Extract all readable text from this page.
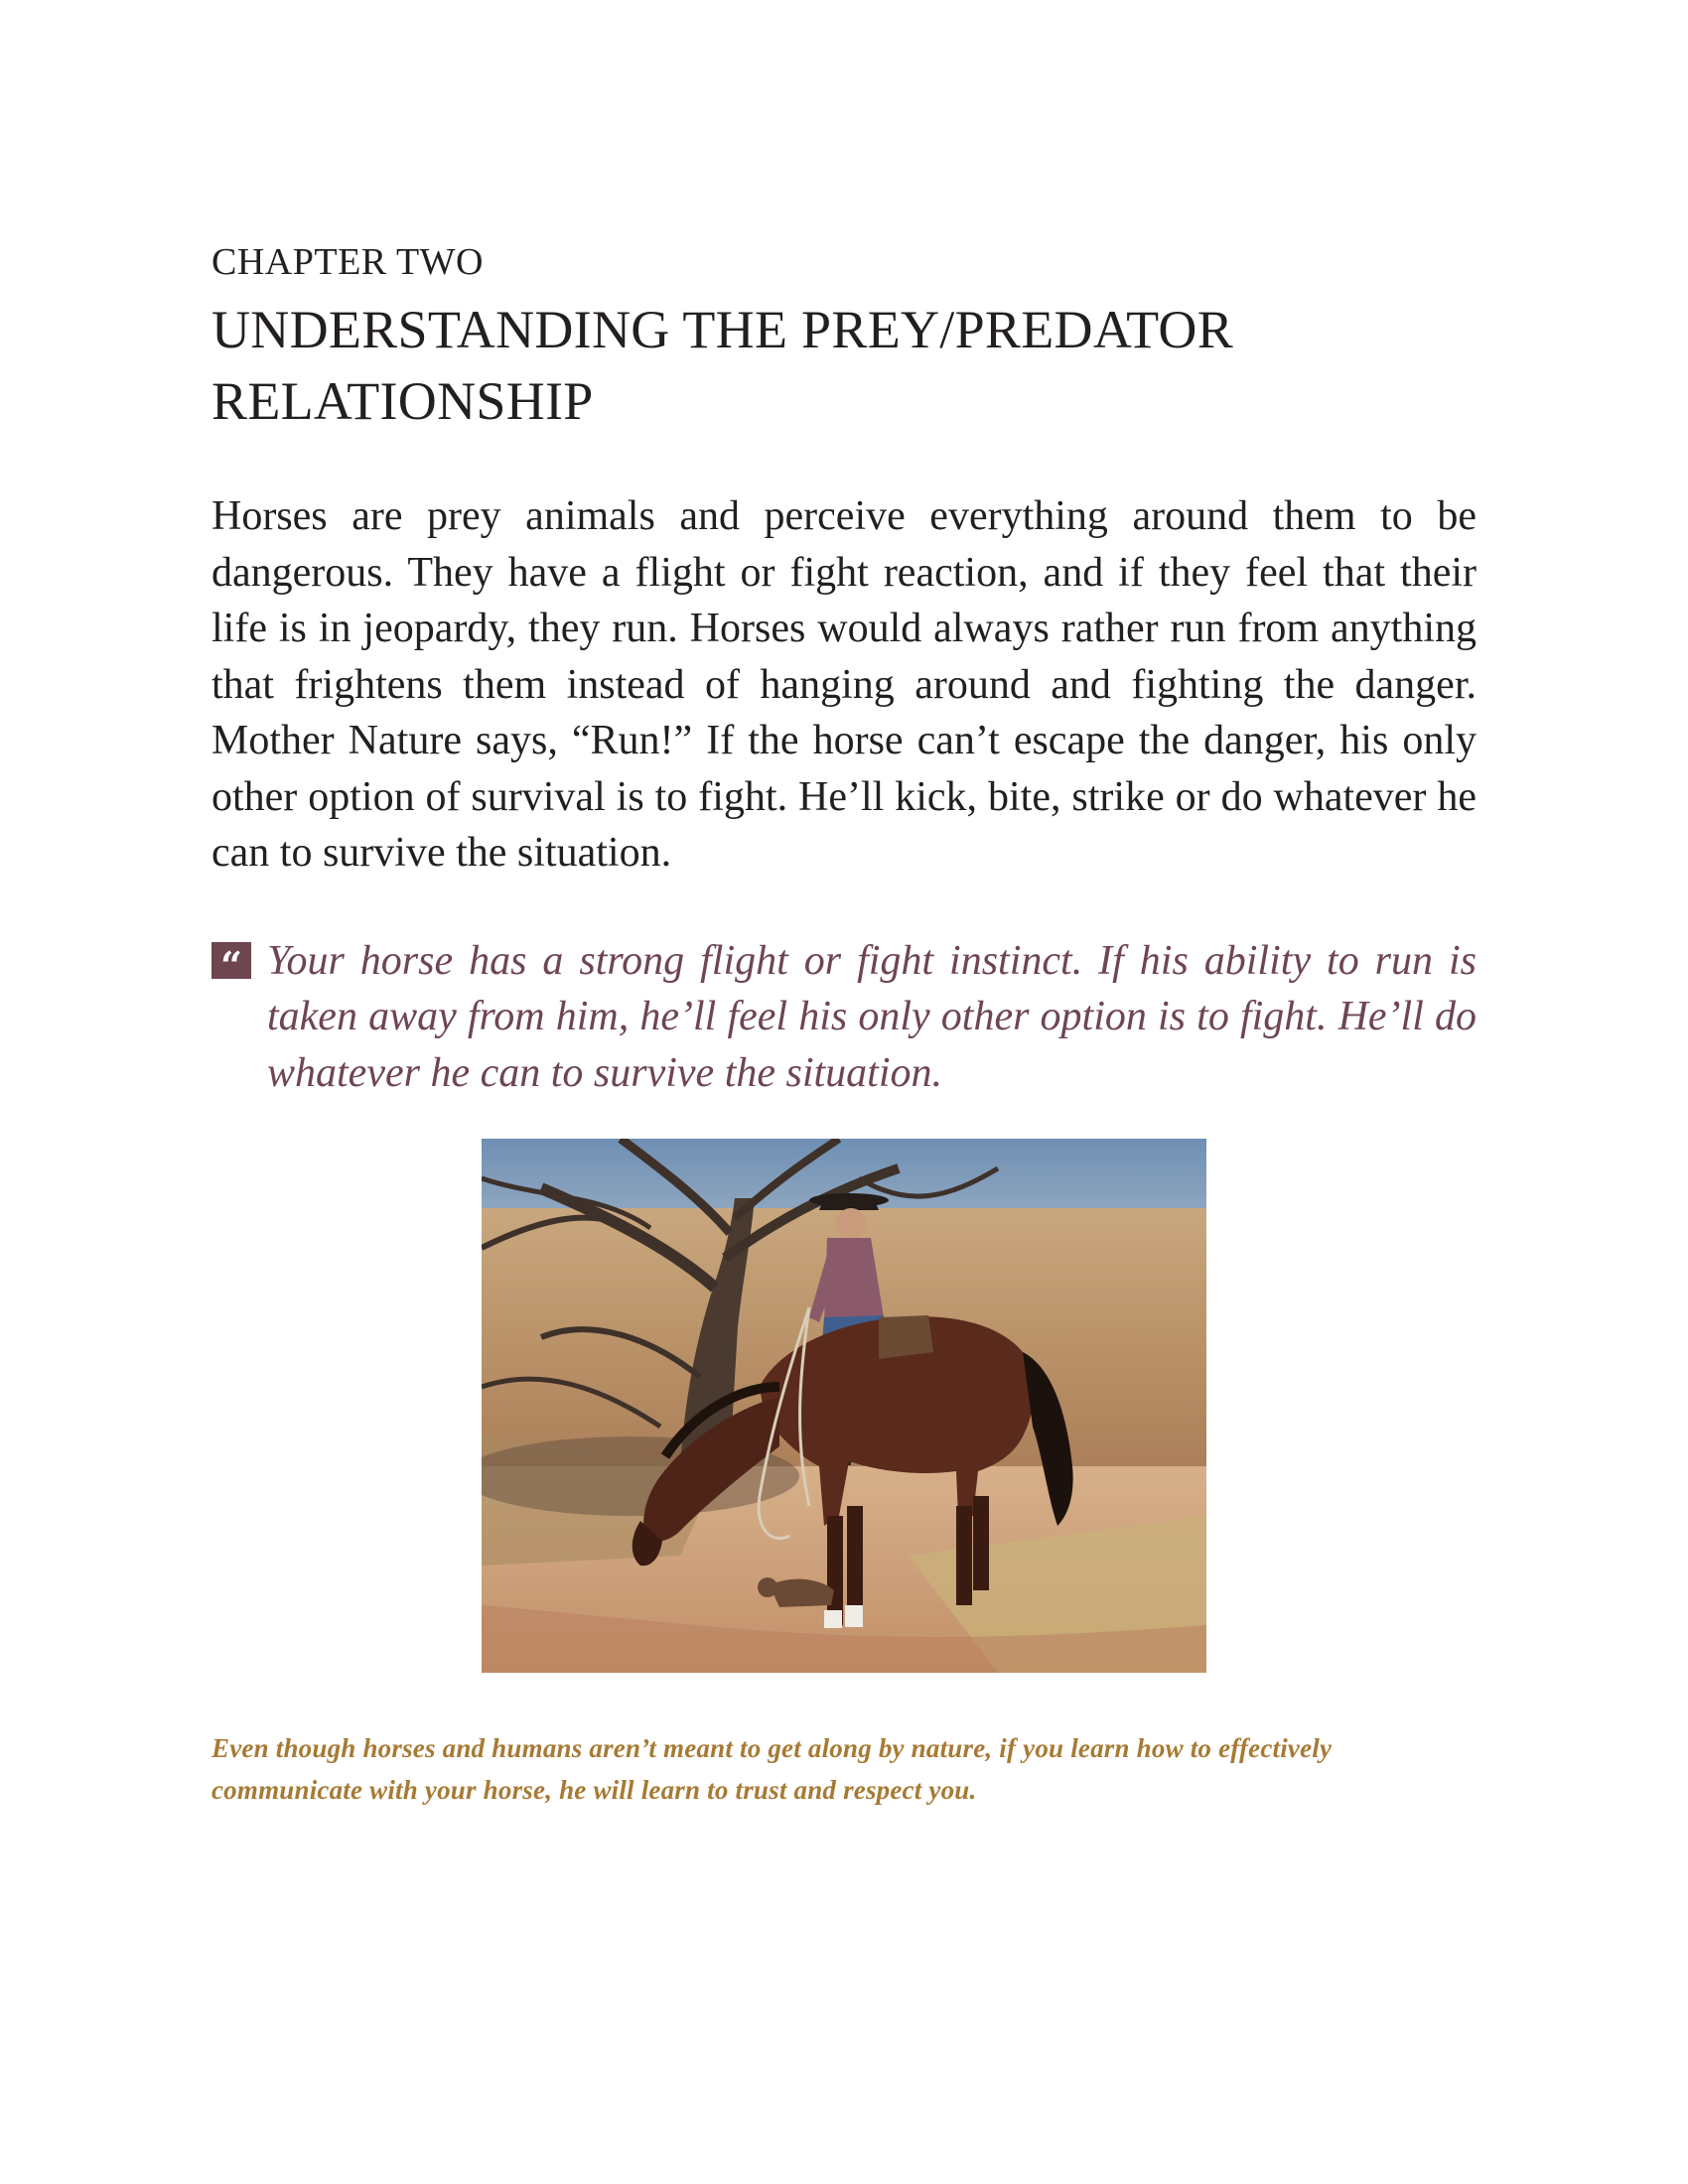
CHAPTER TWO
UNDERSTANDING THE PREY/PREDATOR
RELATIONSHIP

Horses are prey animals and perceive everything around them to be dangerous. They have a flight or fight reaction, and if they feel that their life is in jeopardy, they run. Horses would always rather run from anything that frightens them instead of hanging around and fighting the danger. Mother Nature says, “Run!” If the horse can’t escape the danger, his only other option of survival is to fight. He’ll kick, bite, strike or do whatever he can to survive the situation.

“ Your horse has a strong flight or fight instinct. If his ability to run is taken away from him, he’ll feel his only other option is to fight. He’ll do whatever he can to survive the situation.

Even though horses and humans aren’t meant to get along by nature, if you learn how to effectively communicate with your horse, he will learn to trust and respect you.
